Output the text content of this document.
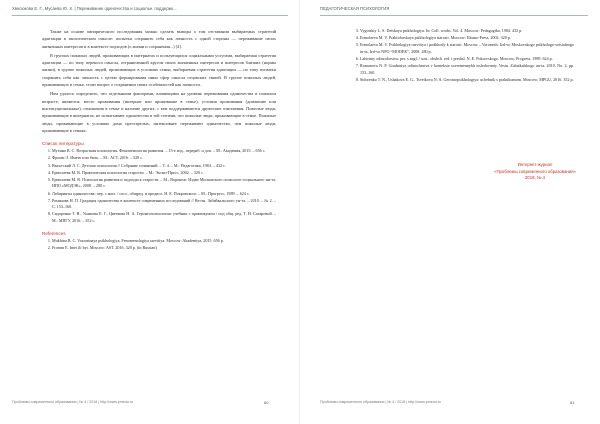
Хвесюкова Е. Г., Мусаева Ю. Х. | Переживание одиночества и социальн. поддержк...

Также на основе эмпирического исследования можно сделать выводы о том отставании выбираемых стратегий адаптации в экологическом смысле: попытки сохранить себя как личность с одной стороны — переживание своих жизненных интересов и в контексте подходов (о жизни и сохранения...) [4].

В группах пожилых людей, проживающих в интернатах и пользующихся социальными услугами, выбираемая стратегия адаптации — по типу переноса смысла, отграниченной кругом своих жизненных интересов и интересов близких (нормы жизни), в группе пожилых людей, проживающих в условиях семьи, выбираемая стратегия адаптации — по типу попытки сохранить себя как личность с целью формирования иных сфер смысла отцовских связей. В группе пожилых людей, проживающих в семье, стоит вопрос о сохранении своих особенностей как личности.

Нам удалось определить, что отдельными факторами, влияющими на уровень переживания одиночества в пожилом возрасте, являются: место проживания (интернат или проживание в семье), условия проживания (домашние или институциональные), отношения в семье и наличие других, с кем поддерживаются дружеские отношения. Пожилые люди, проживающие в интернатах, не испытывают одиночества в той степени, что пожилые люди, проживающие в семье. Пожилые люди, проживающие в условиях дома престарелых, интенсивнее переживают одиночество, чем пожилые люди, проживающие в семьях.

Список литературы
1. Мухина В. С. Возрастная психология. Феноменология развития. – 15-е изд., перераб. и доп. – М.: Академия, 2015. – 656 с.
2. Фромм Э. Иметь или быть. – М.: АСТ, 2016. – 320 с.
3. Выготский Л. С. Детская психология // Собрание сочинений. – Т. 4. – М.: Педагогика, 1984. – 432 с.
4. Ермолаева М. В. Практическая психология старости. – М.: Эксмо-Пресс, 2002. – 320 с.
5. Ермолаева М. В. Психология развития и подходы к старости. – М.; Воронеж: Издво Московского психолого-социального ин-та, НПО «МОДЭК», 2008. – 280 с.
6. Лабиринты одиночества: пер. с англ. / сост., общред. и предисл. Н. Е. Покровского. – М.: Прогресс, 1989. – 624 с.
7. Романова Н. П. Градация одиночества в контексте современных исследований // Вестн. Забайкальского ун-та. – 2010. – № 2. – С. 153–160.
8. Сидоренко Т. Н., Ушакова Е. Г., Цветкова Н. А. Геронтопсихология: учебник с практикумом / под общ. ред. Т. Н. Сахаровой. – М.: МПГУ, 2016. – 352 с.
References
1. Mukhina B. C. Vozrastnaya psikhologiya. Fenomenologiya razvitiya. Moscow: Akademiya, 2015. 656 p.
2. Fromm E. Imet ili byt. Moscow: AST, 2016. 320 p. (in Russian)
Проблемы современного образования | № 4 / 2018 | http://www.pmedu.ru	60
ПЕДАГОГИЧЕСКАЯ ПСИХОЛОГИЯ
3. Vygotskiy L. S. Detskaya psikhologiya. In: Coll. works. Vol. 4. Moscow: Pedagogika, 1984. 432 p.
4. Ermolaeva M. V. Prakticheskaya psikhologiya starosti. Moscow: Eksmo-Press, 2002. 320 p.
5. Ermolaeva M. V. Psikhologiya razvitiya i podkhody k starosti. Moscow – Voronezh: Izd-vo Moskovskogo psikhologo-sotsialnogo in-ta, Izd-vo NPO “MODEK”, 2008. 280 p.
6. Labirinty odinochestva: per. s angl. / sost., obshch. red. i predisl. N. E. Pokrovskogo. Moscow: Progress, 1989. 624 p.
7. Romanova N. P. Gradatsiya odinochestva v kontekste sovremennykh issledovaniy. Vestn. Zabaikalskogo un-ta. 2010. No. 2, pp. 153–160.
8. Sidorenko T. N., Ushakova E. G., Tsvetkova N. A. Gerontopsikhologiya: uchebnik s praktikumom. Moscow: MPGU, 2016. 352 p.
Интернет-журнал
«Проблемы современного образования»
2018, № 4
Проблемы современного образования | № 4 / 2018 | http://www.pmedu.ru	61
